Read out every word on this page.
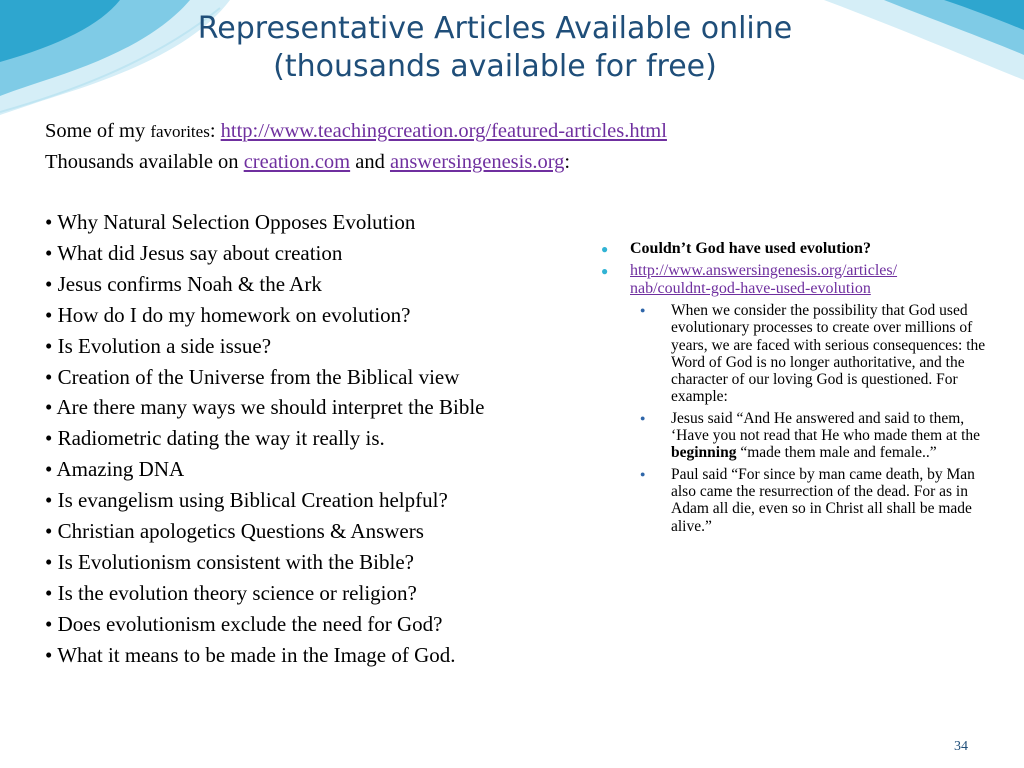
Representative Articles Available online
(thousands available for free)
Some of my favorites: http://www.teachingcreation.org/featured-articles.html
Thousands available on creation.com and answersingenesis.org:
• Why Natural Selection Opposes Evolution
• What did Jesus say about creation
• Jesus confirms Noah & the Ark
• How do I do my homework on evolution?
• Is Evolution a side issue?
• Creation of the Universe from the Biblical view
• Are there many ways we should interpret the Bible
• Radiometric dating the way it really is.
• Amazing DNA
• Is evangelism using Biblical Creation helpful?
• Christian apologetics Questions & Answers
• Is Evolutionism consistent with the Bible?
• Is the evolution theory science or religion?
• Does evolutionism exclude the need for God?
• What it means to be made in the Image of God.
●	Couldn’t God have used evolution?
●	http://www.answersingenesis.org/articles/
nab/couldnt-god-have-used-evolution
●	When we consider the possibility that God used evolutionary processes to create over millions of years, we are faced with serious consequences: the Word of God is no longer authoritative, and the character of our loving God is questioned. For example:
●	Jesus said “And He answered and said to them, ‘Have you not read that He who made them at the beginning “made them male and female..”
●	Paul said “For since by man came death, by Man also came the resurrection of the dead. For as in Adam all die, even so in Christ all shall be made alive.”
34
